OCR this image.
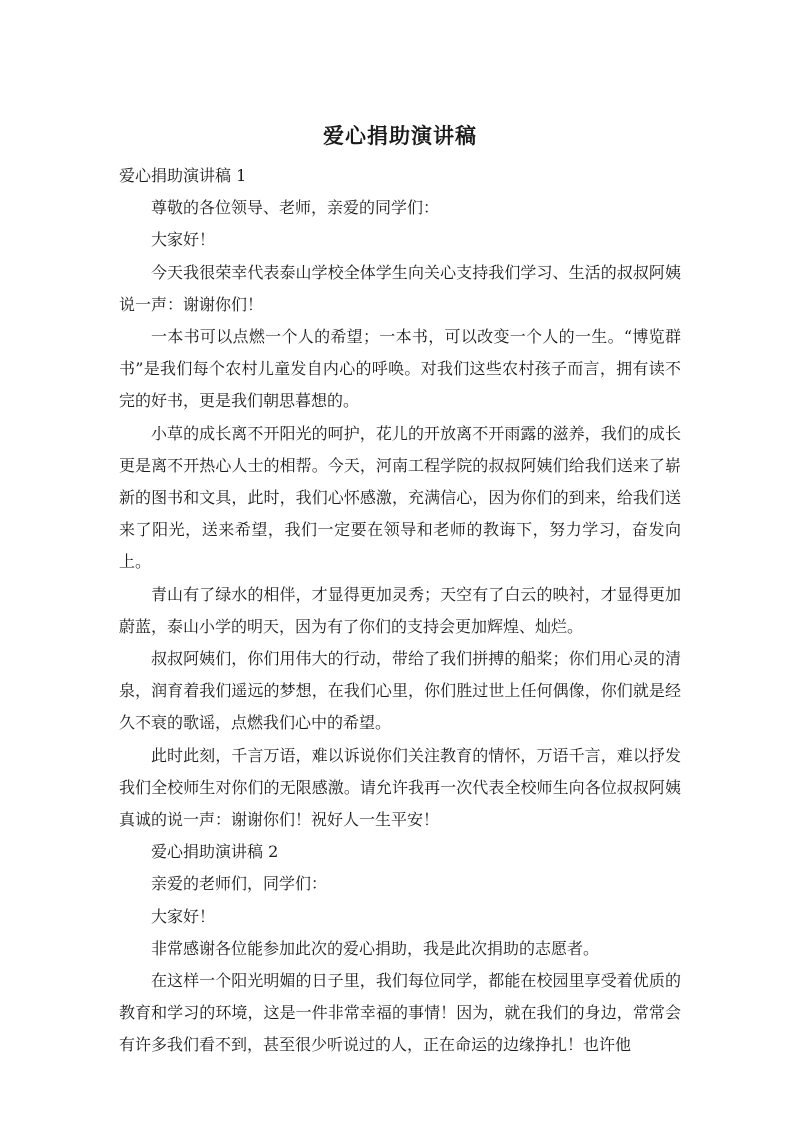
爱心捐助演讲稿

爱心捐助演讲稿 1

尊敬的各位领导、老师，亲爱的同学们：

大家好！

今天我很荣幸代表泰山学校全体学生向关心支持我们学习、生活的叔叔阿姨说一声：谢谢你们！

一本书可以点燃一个人的希望；一本书，可以改变一个人的一生。“博览群书”是我们每个农村儿童发自内心的呼唤。对我们这些农村孩子而言，拥有读不完的好书，更是我们朝思暮想的。

小草的成长离不开阳光的呵护，花儿的开放离不开雨露的滋养，我们的成长更是离不开热心人士的相帮。今天，河南工程学院的叔叔阿姨们给我们送来了崭新的图书和文具，此时，我们心怀感激，充满信心，因为你们的到来，给我们送来了阳光，送来希望，我们一定要在领导和老师的教诲下，努力学习，奋发向上。

青山有了绿水的相伴，才显得更加灵秀；天空有了白云的映衬，才显得更加蔚蓝，泰山小学的明天，因为有了你们的支持会更加辉煌、灿烂。

叔叔阿姨们，你们用伟大的行动，带给了我们拼搏的船桨；你们用心灵的清泉，润育着我们遥远的梦想，在我们心里，你们胜过世上任何偶像，你们就是经久不衰的歌谣，点燃我们心中的希望。

此时此刻，千言万语，难以诉说你们关注教育的情怀，万语千言，难以抒发我们全校师生对你们的无限感激。请允许我再一次代表全校师生向各位叔叔阿姨真诚的说一声：谢谢你们！祝好人一生平安！

爱心捐助演讲稿 2

亲爱的老师们，同学们：

大家好！

非常感谢各位能参加此次的爱心捐助，我是此次捐助的志愿者。

在这样一个阳光明媚的日子里，我们每位同学，都能在校园里享受着优质的教育和学习的环境，这是一件非常幸福的事情！因为，就在我们的身边，常常会有许多我们看不到，甚至很少听说过的人，正在命运的边缘挣扎！也许他
